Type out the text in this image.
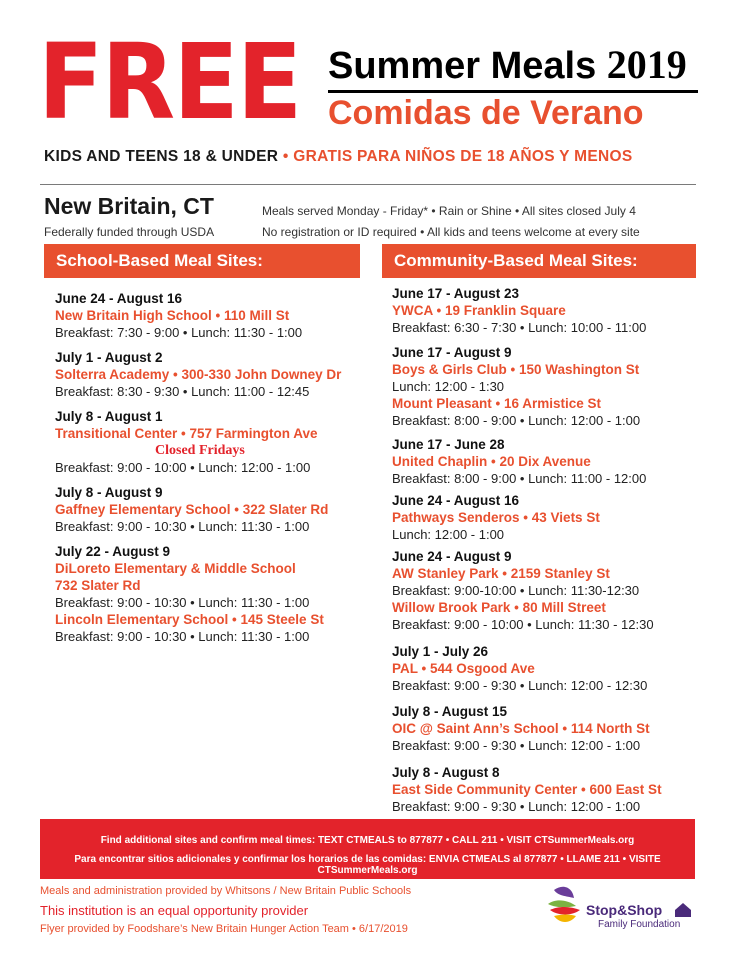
FREE Summer Meals 2019
Comidas de Verano
KIDS AND TEENS 18 & UNDER • GRATIS PARA NIÑOS DE 18 AÑOS Y MENOS
New Britain, CT
Federally funded through USDA
Meals served Monday - Friday* • Rain or Shine • All sites closed July 4
No registration or ID required • All kids and teens welcome at every site
School-Based Meal Sites:	Community-Based Meal Sites:
June 24 - August 16
New Britain High School • 110 Mill St
Breakfast: 7:30 - 9:00 • Lunch: 11:30 - 1:00
July 1 - August 2
Solterra Academy • 300-330 John Downey Dr
Breakfast: 8:30 - 9:30 • Lunch: 11:00 - 12:45
July 8 - August 1
Transitional Center • 757 Farmington Ave
Closed Fridays
Breakfast: 9:00 - 10:00 • Lunch: 12:00 - 1:00
July 8 - August 9
Gaffney Elementary School • 322 Slater Rd
Breakfast: 9:00 - 10:30 • Lunch: 11:30 - 1:00
July 22 - August 9
DiLoreto Elementary & Middle School
732 Slater Rd
Breakfast: 9:00 - 10:30 • Lunch: 11:30 - 1:00
Lincoln Elementary School • 145 Steele St
Breakfast: 9:00 - 10:30 • Lunch: 11:30 - 1:00
June 17 - August 23
YWCA • 19 Franklin Square
Breakfast: 6:30 - 7:30 • Lunch: 10:00 - 11:00
June 17 - August 9
Boys & Girls Club • 150 Washington St
Lunch: 12:00 - 1:30
Mount Pleasant • 16 Armistice St
Breakfast: 8:00 - 9:00 • Lunch: 12:00 - 1:00
June 17 - June 28
United Chaplin • 20 Dix Avenue
Breakfast: 8:00 - 9:00 • Lunch: 11:00 - 12:00
June 24 - August 16
Pathways Senderos • 43 Viets St
Lunch: 12:00 - 1:00
June 24 - August 9
AW Stanley Park • 2159 Stanley St
Breakfast: 9:00-10:00 • Lunch: 11:30-12:30
Willow Brook Park • 80 Mill Street
Breakfast: 9:00 - 10:00 • Lunch: 11:30 - 12:30
July 1 - July 26
PAL • 544 Osgood Ave
Breakfast: 9:00 - 9:30 • Lunch: 12:00 - 12:30
July 8 - August 15
OIC @ Saint Ann’s School • 114 North St
Breakfast: 9:00 - 9:30 • Lunch: 12:00 - 1:00
July 8 - August 8
East Side Community Center • 600 East St
Breakfast: 9:00 - 9:30 • Lunch: 12:00 - 1:00
Find additional sites and confirm meal times: TEXT CTMEALS to 877877 • CALL 211 • VISIT CTSummerMeals.org
Para encontrar sitios adicionales y confirmar los horarios de las comidas: ENVIA CTMEALS al 877877 • LLAME 211 • VISITE CTSummerMeals.org
Meals and administration provided by Whitsons / New Britain Public Schools
This institution is an equal opportunity provider
Flyer provided by Foodshare’s New Britain Hunger Action Team • 6/17/2019
Stop&Shop
Family Foundation
